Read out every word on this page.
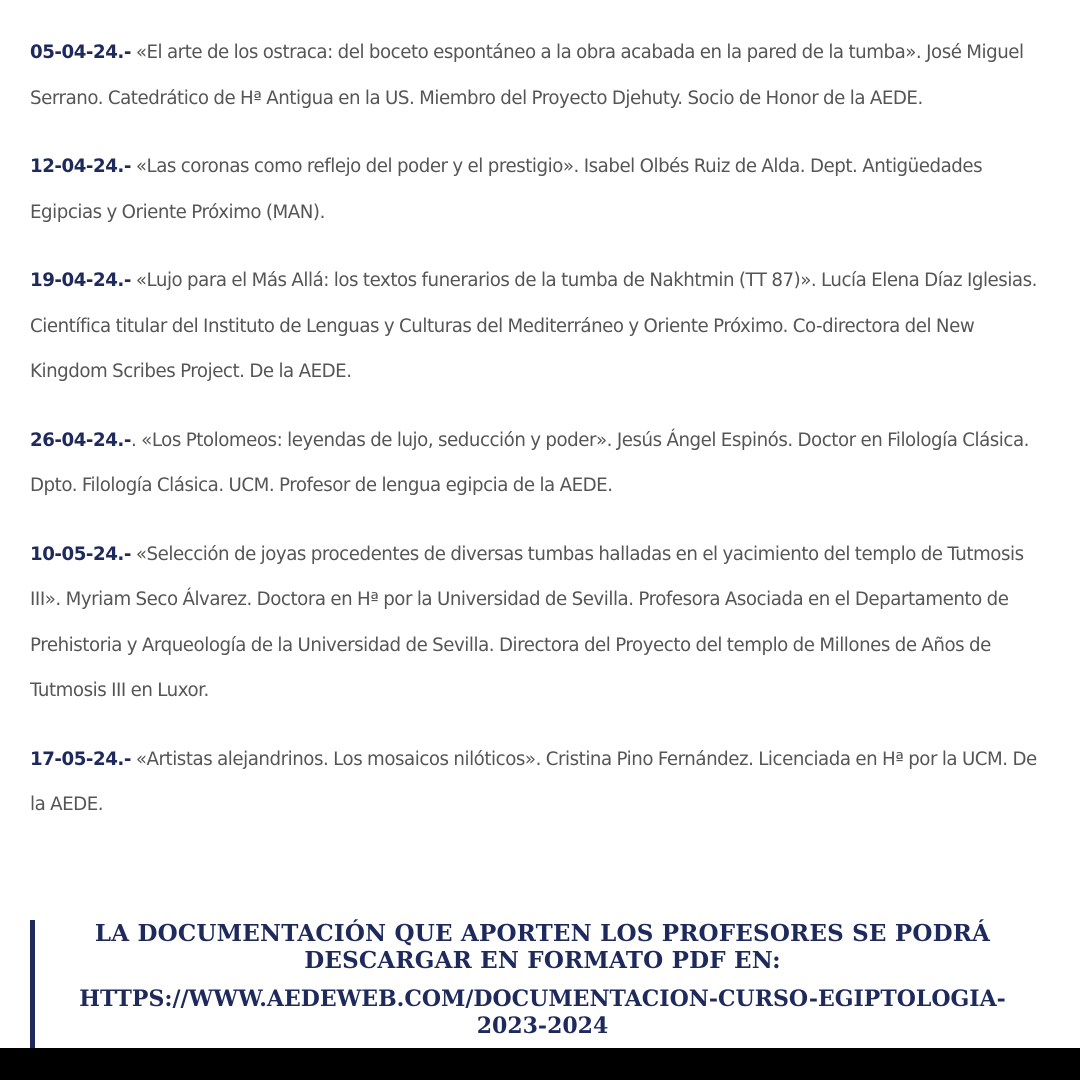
05-04-24.- «El arte de los ostraca: del boceto espontáneo a la obra acabada en la pared de la tumba». José Miguel Serrano. Catedrático de Hª Antigua en la US. Miembro del Proyecto Djehuty. Socio de Honor de la AEDE.

12-04-24.- «Las coronas como reflejo del poder y el prestigio». Isabel Olbés Ruiz de Alda. Dept. Antigüedades Egipcias y Oriente Próximo (MAN).

19-04-24.- «Lujo para el Más Allá: los textos funerarios de la tumba de Nakhtmin (TT 87)». Lucía Elena Díaz Iglesias. Científica titular del Instituto de Lenguas y Culturas del Mediterráneo y Oriente Próximo. Co-directora del New Kingdom Scribes Project. De la AEDE.

26-04-24.-. «Los Ptolomeos: leyendas de lujo, seducción y poder». Jesús Ángel Espinós. Doctor en Filología Clásica. Dpto. Filología Clásica. UCM. Profesor de lengua egipcia de la AEDE.

10-05-24.- «Selección de joyas procedentes de diversas tumbas halladas en el yacimiento del templo de Tutmosis III». Myriam Seco Álvarez. Doctora en Hª por la Universidad de Sevilla. Profesora Asociada en el Departamento de Prehistoria y Arqueología de la Universidad de Sevilla. Directora del Proyecto del templo de Millones de Años de Tutmosis III en Luxor.

17-05-24.- «Artistas alejandrinos. Los mosaicos nilóticos». Cristina Pino Fernández. Licenciada en Hª por la UCM. De la AEDE.

LA DOCUMENTACIÓN QUE APORTEN LOS PROFESORES SE PODRÁ DESCARGAR EN FORMATO PDF EN:

HTTPS://WWW.AEDEWEB.COM/DOCUMENTACION-CURSO-EGIPTOLOGIA-2023-2024
